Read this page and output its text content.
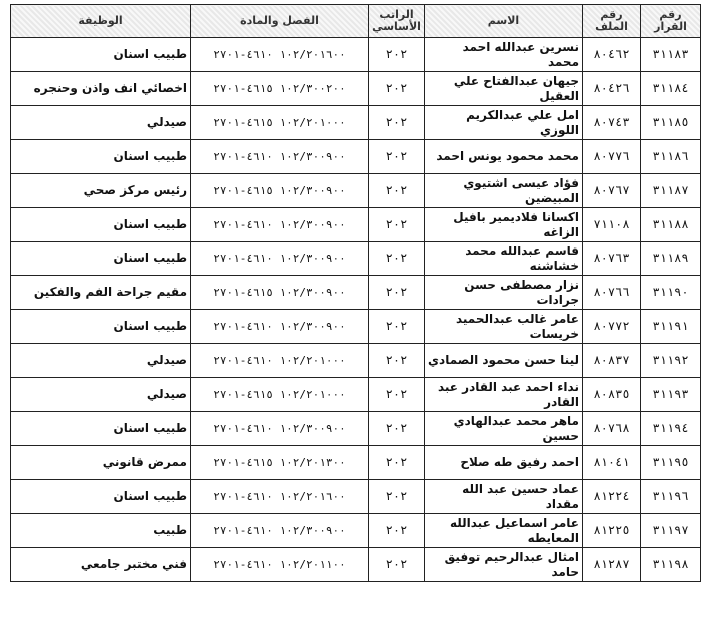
رقم القرار	رقم الملف	الاسم	الراتب الأساسي	الفصل والمادة	الوظيفة
٣١١٨٣	٨٠٤٦٢	نسرين عبدالله احمد محمد	٢٠٢	١٠٢/٢٠١٦٠٠ ٤٦١٠-٢٧٠١	طبيب اسنان
٣١١٨٤	٨٠٤٢٦	جيهان عبدالفتاح علي العقيل	٢٠٢	١٠٢/٣٠٠٢٠٠ ٤٦١٥-٢٧٠١	اخصائي انف واذن وحنجره
٣١١٨٥	٨٠٧٤٣	امل علي عبدالكريم اللوزي	٢٠٢	١٠٢/٢٠١٠٠٠ ٤٦١٥-٢٧٠١	صيدلي
٣١١٨٦	٨٠٧٧٦	محمد محمود يونس احمد	٢٠٢	١٠٢/٣٠٠٩٠٠ ٤٦١٠-٢٧٠١	طبيب اسنان
٣١١٨٧	٨٠٧٦٧	فؤاد عيسى اشتيوي المبيضين	٢٠٢	١٠٢/٣٠٠٩٠٠ ٤٦١٥-٢٧٠١	رئيس مركز صحي
٣١١٨٨	٧١١٠٨	اكسانا فلاديمير بافيل الزاغه	٢٠٢	١٠٢/٣٠٠٩٠٠ ٤٦١٠-٢٧٠١	طبيب اسنان
٣١١٨٩	٨٠٧٦٣	قاسم عبدالله محمد خشاشنه	٢٠٢	١٠٢/٣٠٠٩٠٠ ٤٦١٠-٢٧٠١	طبيب اسنان
٣١١٩٠	٨٠٧٦٦	نزار مصطفى حسن جرادات	٢٠٢	١٠٢/٣٠٠٩٠٠ ٤٦١٥-٢٧٠١	مقيم جراحة الفم والفكين
٣١١٩١	٨٠٧٧٢	عامر غالب عبدالحميد خريسات	٢٠٢	١٠٢/٣٠٠٩٠٠ ٤٦١٠-٢٧٠١	طبيب اسنان
٣١١٩٢	٨٠٨٣٧	لينا حسن محمود الصمادي	٢٠٢	١٠٢/٢٠١٠٠٠ ٤٦١٠-٢٧٠١	صيدلي
٣١١٩٣	٨٠٨٣٥	نداء احمد عبد القادر عبد القادر	٢٠٢	١٠٢/٢٠١٠٠٠ ٤٦١٥-٢٧٠١	صيدلي
٣١١٩٤	٨٠٧٦٨	ماهر محمد عبدالهادي حسين	٢٠٢	١٠٢/٣٠٠٩٠٠ ٤٦١٠-٢٧٠١	طبيب اسنان
٣١١٩٥	٨١٠٤١	احمد رفيق طه صلاح	٢٠٢	١٠٢/٢٠١٣٠٠ ٤٦١٥-٢٧٠١	ممرض قانوني
٣١١٩٦	٨١٢٢٤	عماد حسين عبد الله مقداد	٢٠٢	١٠٢/٢٠١٦٠٠ ٤٦١٠-٢٧٠١	طبيب اسنان
٣١١٩٧	٨١٢٢٥	عامر اسماعيل عبدالله المعايطه	٢٠٢	١٠٢/٣٠٠٩٠٠ ٤٦١٠-٢٧٠١	طبيب
٣١١٩٨	٨١٢٨٧	امثال عبدالرحيم توفيق حامد	٢٠٢	١٠٢/٢٠١١٠٠ ٤٦١٠-٢٧٠١	فني مختبر جامعي
